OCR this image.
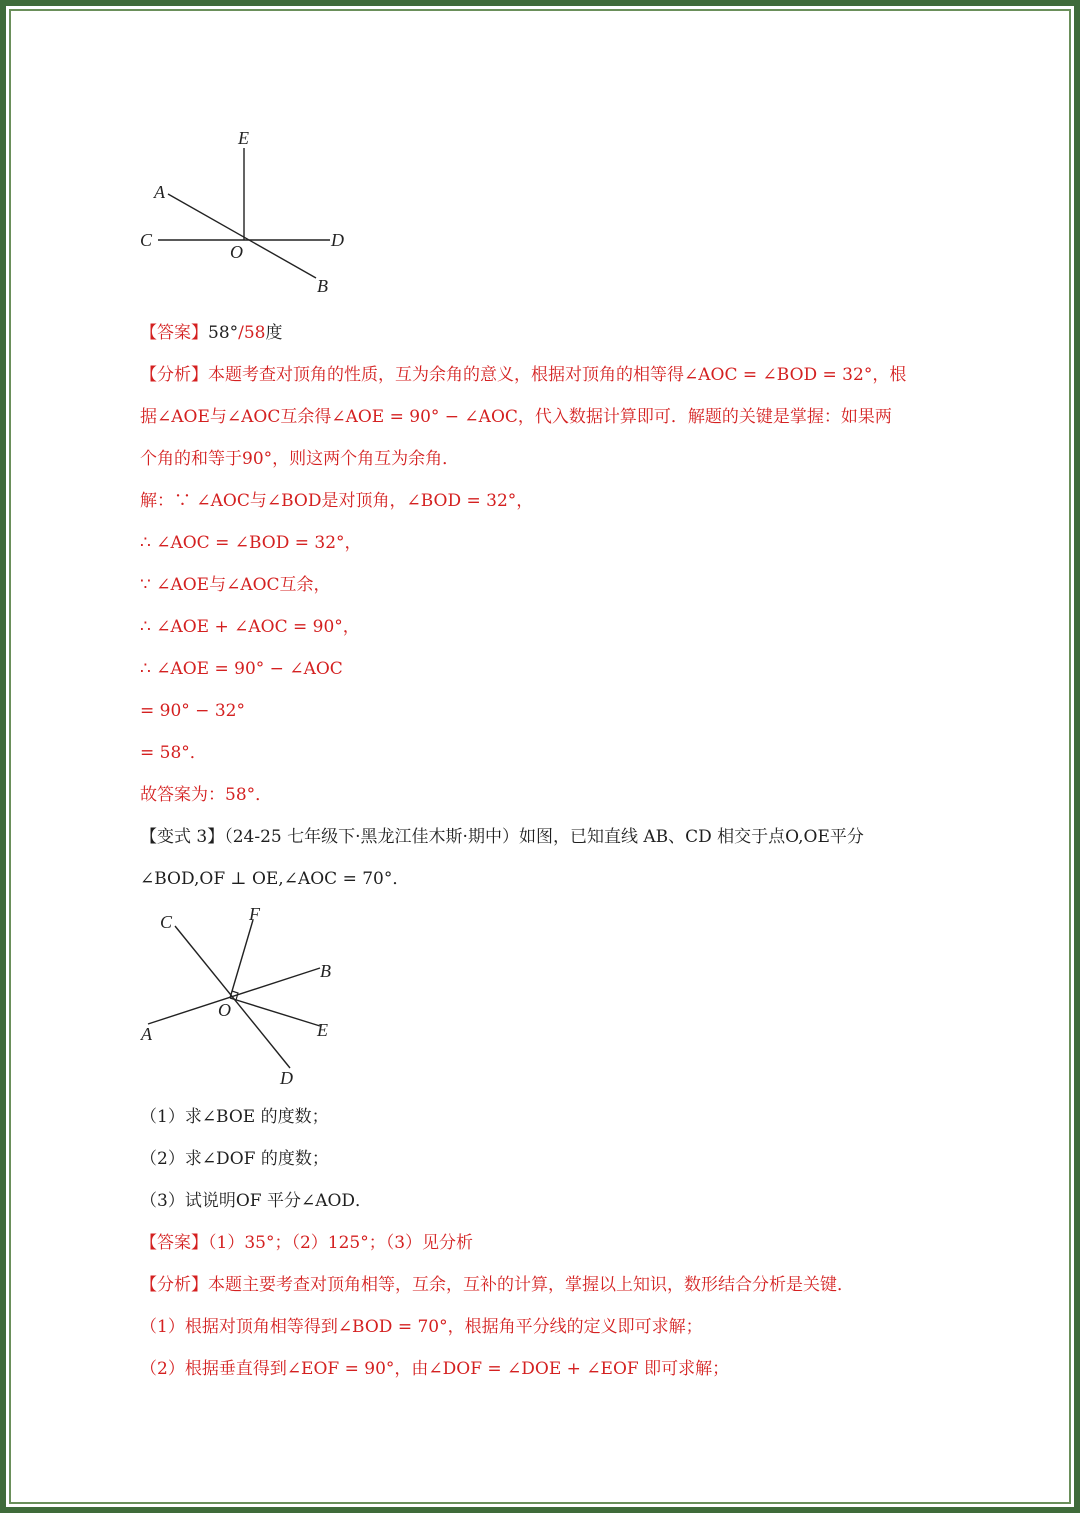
E
A
C
O
D
B
【答案】58°/58度
【分析】本题考查对顶角的性质，互为余角的意义，根据对顶角的相等得∠AOC = ∠BOD = 32°，根
据∠AOE与∠AOC互余得∠AOE = 90° − ∠AOC，代入数据计算即可．解题的关键是掌握：如果两
个角的和等于90°，则这两个角互为余角．
解：∵ ∠AOC与∠BOD是对顶角，∠BOD = 32°，
∴ ∠AOC = ∠BOD = 32°，
∵ ∠AOE与∠AOC互余，
∴ ∠AOE + ∠AOC = 90°，
∴ ∠AOE = 90° − ∠AOC
= 90° − 32°
= 58°．
故答案为：58°．
【变式 3】（24-25 七年级下·黑龙江佳木斯·期中）如图，已知直线 AB、CD 相交于点O,OE平分
∠BOD,OF ⊥ OE,∠AOC = 70°．
C	F
B
O
E
A
D
（1）求∠BOE 的度数；
（2）求∠DOF 的度数；
（3）试说明OF 平分∠AOD．
【答案】（1）35°；（2）125°；（3）见分析
【分析】本题主要考查对顶角相等，互余，互补的计算，掌握以上知识，数形结合分析是关键．
（1）根据对顶角相等得到∠BOD = 70°，根据角平分线的定义即可求解；
（2）根据垂直得到∠EOF = 90°，由∠DOF = ∠DOE + ∠EOF 即可求解；
